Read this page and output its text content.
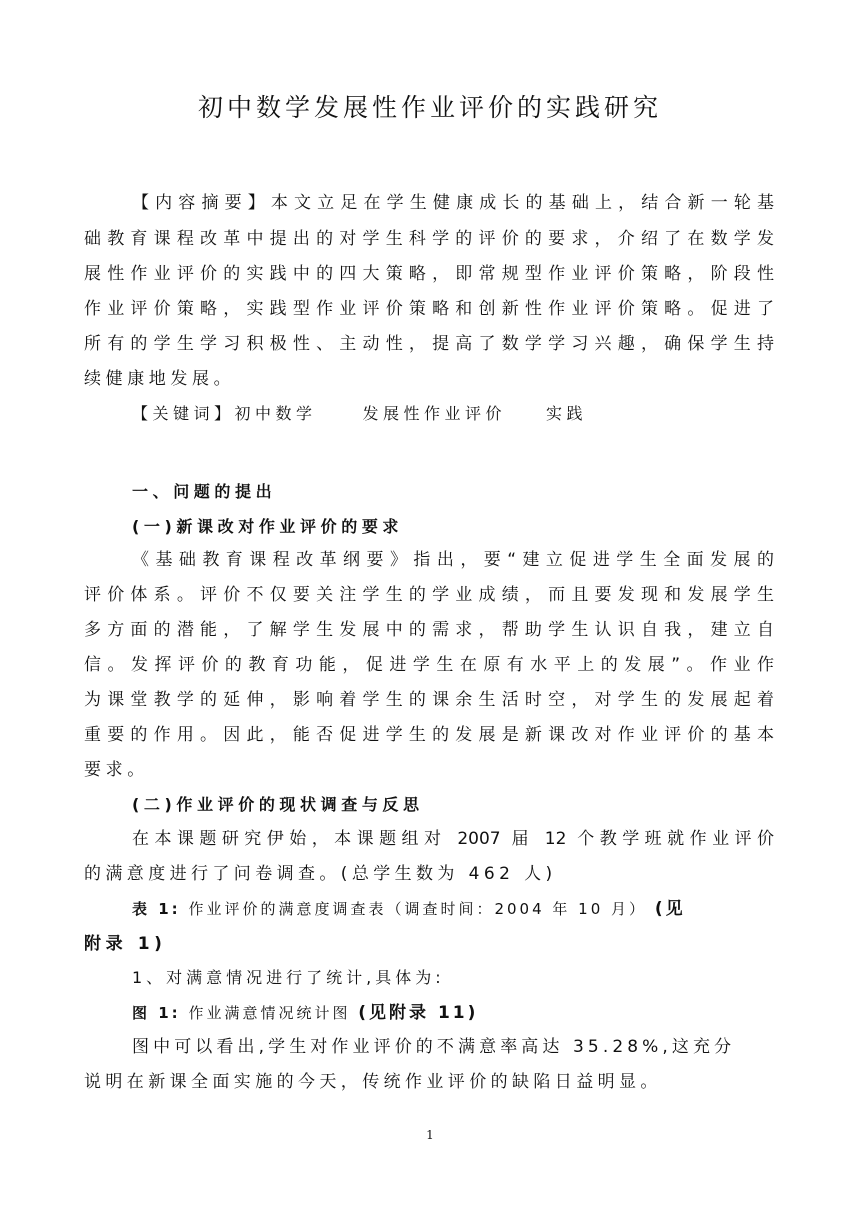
初中数学发展性作业评价的实践研究
【内容摘要】本文立足在学生健康成长的基础上，结合新一轮基
础教育课程改革中提出的对学生科学的评价的要求，介绍了在数学发
展性作业评价的实践中的四大策略，即常规型作业评价策略，阶段性
作业评价策略，实践型作业评价策略和创新性作业评价策略。促进了
所有的学生学习积极性、主动性，提高了数学学习兴趣，确保学生持
续健康地发展。
【关键词】初中数学	发展性作业评价	实践
一、问题的提出
(一)新课改对作业评价的要求
《基础教育课程改革纲要》指出，要“建立促进学生全面发展的
评价体系。评价不仅要关注学生的学业成绩，而且要发现和发展学生
多方面的潜能，了解学生发展中的需求，帮助学生认识自我，建立自
信。发挥评价的教育功能，促进学生在原有水平上的发展”。作业作
为课堂教学的延伸，影响着学生的课余生活时空，对学生的发展起着
重要的作用。因此，能否促进学生的发展是新课改对作业评价的基本
要求。
(二)作业评价的现状调查与反思
在本课题研究伊始，本课题组对 2007 届 12 个教学班就作业评价
的满意度进行了问卷调查。(总学生数为 462 人)
表 1: 作业评价的满意度调查表（调查时间：2004 年 10 月） (见
附录 1)
1、对满意情况进行了统计,具体为:
图 1: 作业满意情况统计图 (见附录 11)
图中可以看出,学生对作业评价的不满意率高达 35.28%,这充分
说明在新课全面实施的今天，传统作业评价的缺陷日益明显。
1
